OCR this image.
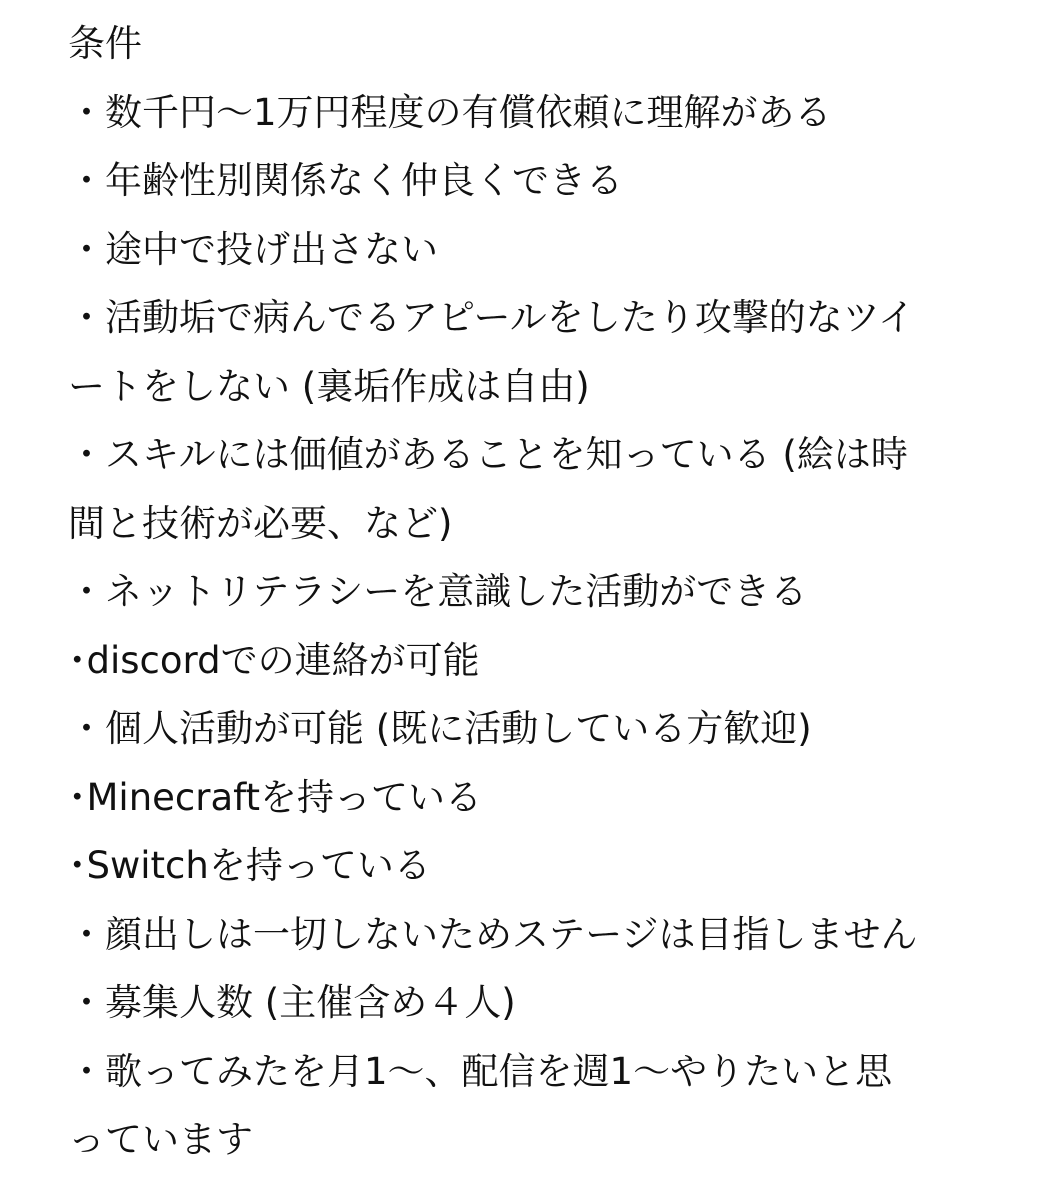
条件
・数千円〜1万円程度の有償依頼に理解がある
・年齢性別関係なく仲良くできる
・途中で投げ出さない
・活動垢で病んでるアピールをしたり攻撃的なツイ
ートをしない (裏垢作成は自由)
・スキルには価値があることを知っている (絵は時
間と技術が必要、など)
・ネットリテラシーを意識した活動ができる
･discordでの連絡が可能
・個人活動が可能 (既に活動している方歓迎)
･Minecraftを持っている
･Switchを持っている
・顔出しは一切しないためステージは目指しません
・募集人数 (主催含め４人)
・歌ってみたを月1〜、配信を週1〜やりたいと思
っています
